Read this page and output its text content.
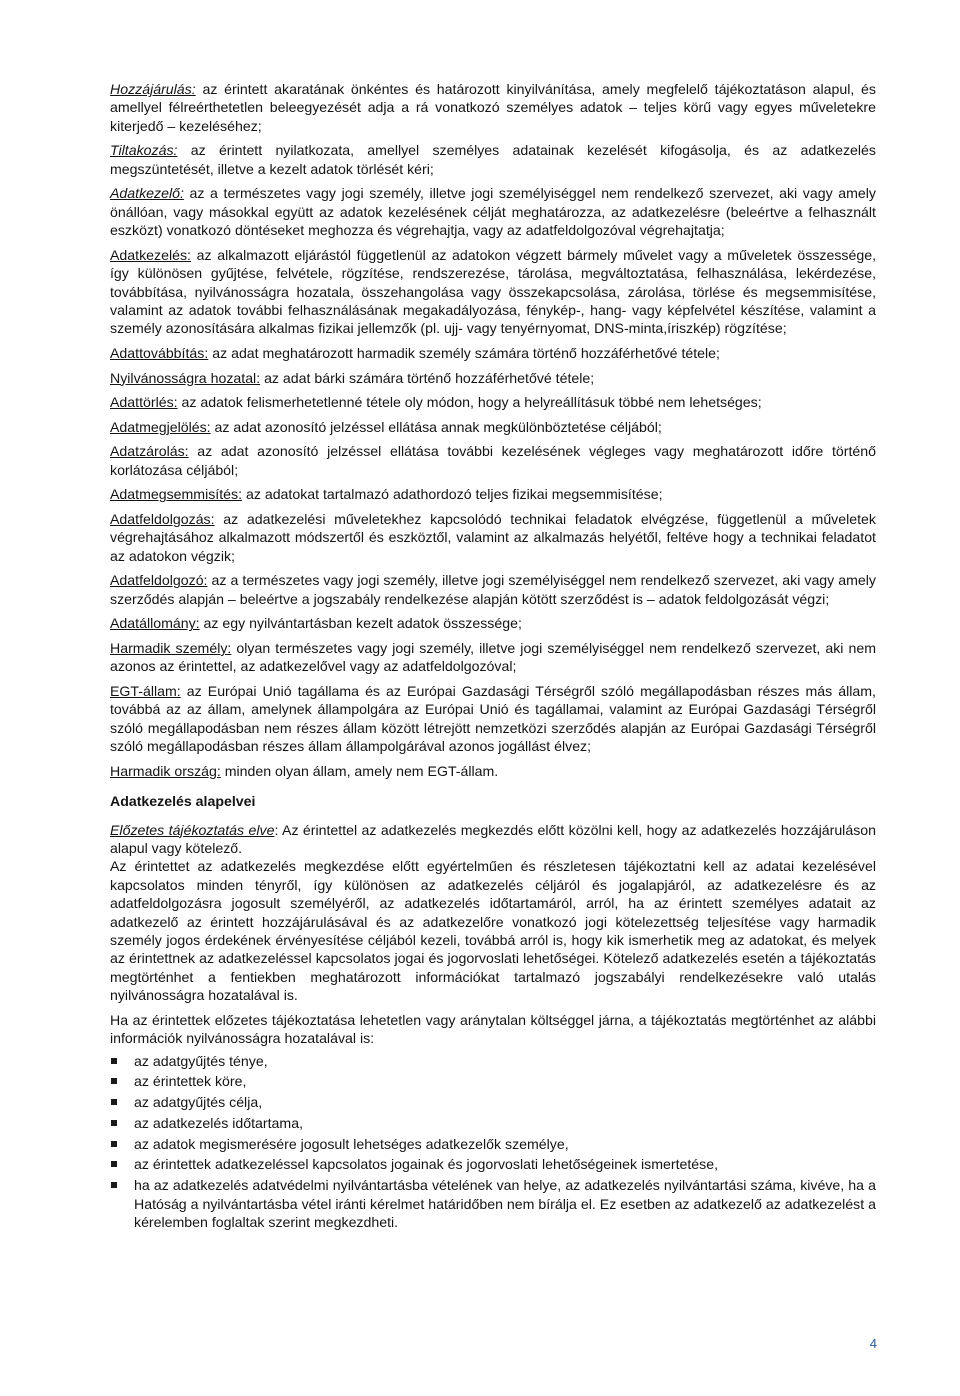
Hozzájárulás: az érintett akaratának önkéntes és határozott kinyilvánítása, amely megfelelő tájékoztatáson alapul, és amellyel félreérthetetlen beleegyezését adja a rá vonatkozó személyes adatok – teljes körű vagy egyes műveletekre kiterjedő – kezeléséhez;

Tiltakozás: az érintett nyilatkozata, amellyel személyes adatainak kezelését kifogásolja, és az adatkezelés megszüntetését, illetve a kezelt adatok törlését kéri;

Adatkezelő: az a természetes vagy jogi személy, illetve jogi személyiséggel nem rendelkező szervezet, aki vagy amely önállóan, vagy másokkal együtt az adatok kezelésének célját meghatározza, az adatkezelésre (beleértve a felhasznált eszközt) vonatkozó döntéseket meghozza és végrehajtja, vagy az adatfeldolgozóval végrehajtatja;

Adatkezelés: az alkalmazott eljárástól függetlenül az adatokon végzett bármely művelet vagy a műveletek összessége, így különösen gyűjtése, felvétele, rögzítése, rendszerezése, tárolása, megváltoztatása, felhasználása, lekérdezése, továbbítása, nyilvánosságra hozatala, összehangolása vagy összekapcsolása, zárolása, törlése és megsemmisítése, valamint az adatok további felhasználásának megakadályozása, fénykép-, hang- vagy képfelvétel készítése, valamint a személy azonosítására alkalmas fizikai jellemzők (pl. ujj- vagy tenyérnyomat, DNS-minta,íriszkép) rögzítése;

Adattovábbítás: az adat meghatározott harmadik személy számára történő hozzáférhetővé tétele;

Nyilvánosságra hozatal: az adat bárki számára történő hozzáférhetővé tétele;

Adattörlés: az adatok felismerhetetlenné tétele oly módon, hogy a helyreállításuk többé nem lehetséges;

Adatmegjelölés: az adat azonosító jelzéssel ellátása annak megkülönböztetése céljából;

Adatzárolás: az adat azonosító jelzéssel ellátása további kezelésének végleges vagy meghatározott időre történő korlátozása céljából;

Adatmegsemmisítés: az adatokat tartalmazó adathordozó teljes fizikai megsemmisítése;

Adatfeldolgozás: az adatkezelési műveletekhez kapcsolódó technikai feladatok elvégzése, függetlenül a műveletek végrehajtásához alkalmazott módszertől és eszköztől, valamint az alkalmazás helyétől, feltéve hogy a technikai feladatot az adatokon végzik;

Adatfeldolgozó: az a természetes vagy jogi személy, illetve jogi személyiséggel nem rendelkező szervezet, aki vagy amely szerződés alapján – beleértve a jogszabály rendelkezése alapján kötött szerződést is – adatok feldolgozását végzi;

Adatállomány: az egy nyilvántartásban kezelt adatok összessége;

Harmadik személy: olyan természetes vagy jogi személy, illetve jogi személyiséggel nem rendelkező szervezet, aki nem azonos az érintettel, az adatkezelővel vagy az adatfeldolgozóval;

EGT-állam: az Európai Unió tagállama és az Európai Gazdasági Térségről szóló megállapodásban részes más állam, továbbá az az állam, amelynek állampolgára az Európai Unió és tagállamai, valamint az Európai Gazdasági Térségről szóló megállapodásban nem részes állam között létrejött nemzetközi szerződés alapján az Európai Gazdasági Térségről szóló megállapodásban részes állam állampolgárával azonos jogállást élvez;

Harmadik ország: minden olyan állam, amely nem EGT-állam.

Adatkezelés alapelvei

Előzetes tájékoztatás elve: Az érintettel az adatkezelés megkezdés előtt közölni kell, hogy az adatkezelés hozzájáruláson alapul vagy kötelező.

Az érintettet az adatkezelés megkezdése előtt egyértelműen és részletesen tájékoztatni kell az adatai kezelésével kapcsolatos minden tényről, így különösen az adatkezelés céljáról és jogalapjáról, az adatkezelésre és az adatfeldolgozásra jogosult személyéről, az adatkezelés időtartamáról, arról, ha az érintett személyes adatait az adatkezelő az érintett hozzájárulásával és az adatkezelőre vonatkozó jogi kötelezettség teljesítése vagy harmadik személy jogos érdekének érvényesítése céljából kezeli, továbbá arról is, hogy kik ismerhetik meg az adatokat, és melyek az érintettnek az adatkezeléssel kapcsolatos jogai és jogorvoslati lehetőségei. Kötelező adatkezelés esetén a tájékoztatás megtörténhet a fentiekben meghatározott információkat tartalmazó jogszabályi rendelkezésekre való utalás nyilvánosságra hozatalával is.

Ha az érintettek előzetes tájékoztatása lehetetlen vagy aránytalan költséggel járna, a tájékoztatás megtörténhet az alábbi információk nyilvánosságra hozatalával is:

az adatgyűjtés ténye,
az érintettek köre,
az adatgyűjtés célja,
az adatkezelés időtartama,
az adatok megismerésére jogosult lehetséges adatkezelők személye,
az érintettek adatkezeléssel kapcsolatos jogainak és jogorvoslati lehetőségeinek ismertetése,
ha az adatkezelés adatvédelmi nyilvántartásba vételének van helye, az adatkezelés nyilvántartási száma, kivéve, ha a Hatóság a nyilvántartásba vétel iránti kérelmet határidőben nem bírálja el. Ez esetben az adatkezelő az adatkezelést a kérelemben foglaltak szerint megkezdheti.
4
